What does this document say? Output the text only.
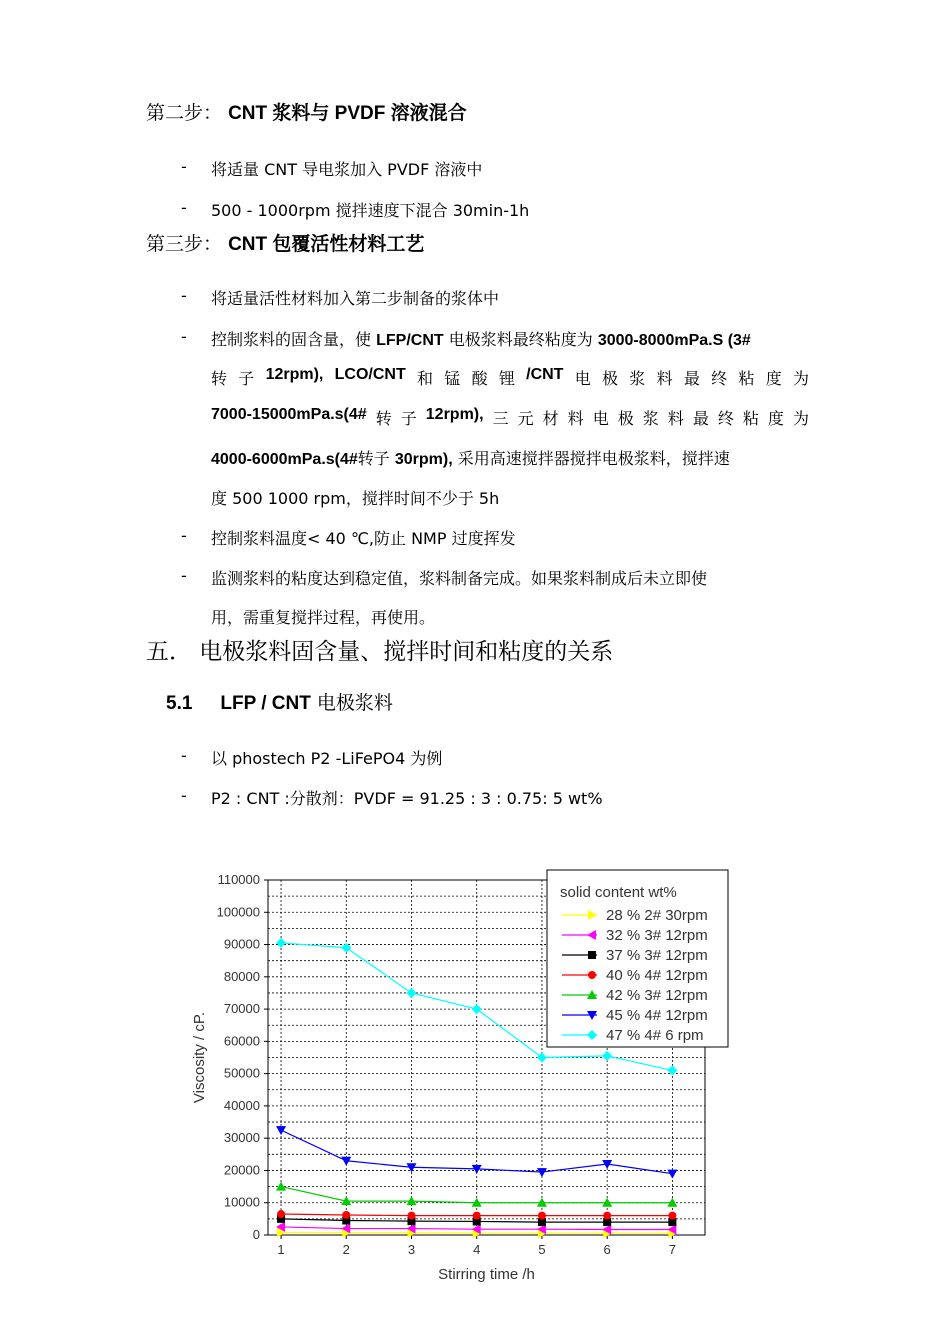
第二步： CNT 浆料与 PVDF 溶液混合
- 将适量 CNT 导电浆加入 PVDF 溶液中
- 500 - 1000rpm 搅拌速度下混合 30min-1h
第三步： CNT 包覆活性材料工艺
- 将适量活性材料加入第二步制备的浆体中
- 控制浆料的固含量，使 LFP/CNT 电极浆料最终粘度为 3000-8000mPa.S (3#
转 子 12rpm), LCO/CNT 和 锰 酸 锂 /CNT 电 极 浆 料 最 终 粘 度 为
7000-15000mPa.s(4# 转 子 12rpm), 三 元 材 料 电 极 浆 料 最 终 粘 度 为
4000-6000mPa.s(4#转子 30rpm), 采用高速搅拌器搅拌电极浆料，搅拌速
度 500 1000 rpm，搅拌时间不少于 5h
- 控制浆料温度< 40 ℃,防止 NMP 过度挥发
- 监测浆料的粘度达到稳定值，浆料制备完成。如果浆料制成后未立即使
用，需重复搅拌过程，再使用。
五． 电极浆料固含量、搅拌时间和粘度的关系
5.1 LFP / CNT 电极浆料
- 以 phostech P2 -LiFePO4 为例
- P2 : CNT :分散剂：PVDF = 91.25 : 3 : 0.75: 5 wt%
0
10000
20000
30000
40000
50000
60000
70000
80000
90000
100000
110000
1	2	3	4	5	6	7
Viscosity / cP.
Stirring time /h
solid content wt%
28 % 2# 30rpm
32 % 3# 12rpm
37 % 3# 12rpm
40 % 4# 12rpm
42 % 3# 12rpm
45 % 4# 12rpm
47 % 4# 6 rpm
